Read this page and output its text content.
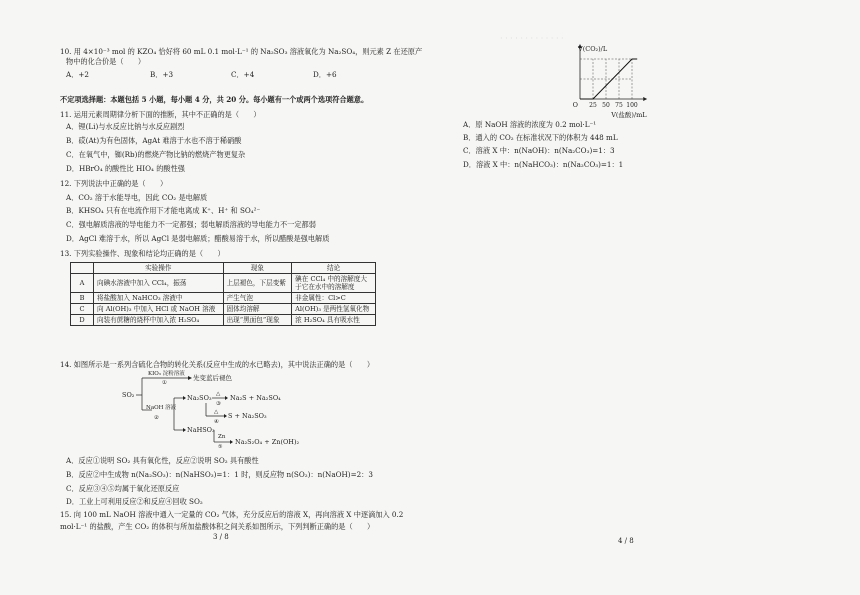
10. 用 4×10⁻³ mol 的 KZO₄ 恰好将 60 mL 0.1 mol·L⁻¹ 的 Na₂SO₃ 溶液氧化为 Na₂SO₄，则元素 Z 在还原产
物中的化合价是（　　）
A．+2	B．+3	C．+4	D．+6
不定项选择题：本题包括 5 小题，每小题 4 分，共 20 分。每小题有一个或两个选项符合题意。
11. 运用元素周期律分析下面的推断，其中不正确的是（　　）
A．锂(Li)与水反应比钠与水反应剧烈
B．砹(At)为有色固体，AgAt 难溶于水也不溶于稀硝酸
C．在氧气中，铷(Rb)的燃烧产物比钠的燃烧产物更复杂
D．HBrO₄ 的酸性比 HIO₄ 的酸性强
12. 下列说法中正确的是（　　）
A．CO₂ 溶于水能导电，因此 CO₂ 是电解质
B．KHSO₄ 只有在电流作用下才能电离成 K⁺、H⁺ 和 SO₄²⁻
C．强电解质溶液的导电能力不一定都强；弱电解质溶液的导电能力不一定都弱
D．AgCl 难溶于水，所以 AgCl 是弱电解质；醋酸易溶于水，所以醋酸是强电解质
13. 下列实验操作、现象和结论均正确的是（　　）
	实验操作	现象	结论
A	向碘水溶液中加入 CCl₄，振荡	上层褪色，下层变紫	碘在 CCl₄ 中的溶解度大
于它在水中的溶解度
B	将盐酸加入 NaHCO₃ 溶液中	产生气泡	非金属性：Cl>C
C	向 Al(OH)₃ 中加入 HCl 或 NaOH 溶液	固体均溶解	Al(OH)₃ 是两性氢氧化物
D	向装有蔗糖的烧杯中加入浓 H₂SO₄	出现“黑面包”现象	浓 H₂SO₄ 具有吸水性
14. 如图所示是一系列含硫化合物的转化关系(反应中生成的水已略去)，其中说法正确的是（　　）
SO₂
KIO₃ 淀粉溶液
①
先变蓝后褪色
NaOH 溶液
②
Na₂SO₃ △
③
Na₂S + Na₂SO₄
△
④
S + Na₂SO₃
NaHSO₃
Zn
⑤
Na₂S₂O₄ + Zn(OH)₂
A．反应①说明 SO₂ 具有氧化性，反应②说明 SO₂ 具有酸性
B．反应②中生成物 n(Na₂SO₃)：n(NaHSO₃)=1：1 时，则反应物 n(SO₂)：n(NaOH)=2：3
C．反应③④⑤均属于氧化还原反应
D．工业上可利用反应②和反应④回收 SO₂
15. 向 100 mL NaOH 溶液中通入一定量的 CO₂ 气体，充分反应后的溶液 X，再向溶液 X 中逐滴加入 0.2
mol·L⁻¹ 的盐酸，产生 CO₂ 的体积与所加盐酸体积之间关系如图所示，下列判断正确的是（　　）
3 / 8
· · · · · · · · · · · · ·
O 25 50 75 100
V(CO₂)/L
V(盐酸)/mL
A．原 NaOH 溶液的浓度为 0.2 mol·L⁻¹
B．通入的 CO₂ 在标准状况下的体积为 448 mL
C．溶液 X 中：n(NaOH)：n(Na₂CO₃)=1：3
D．溶液 X 中：n(NaHCO₃)：n(Na₂CO₃)=1：1
4 / 8
